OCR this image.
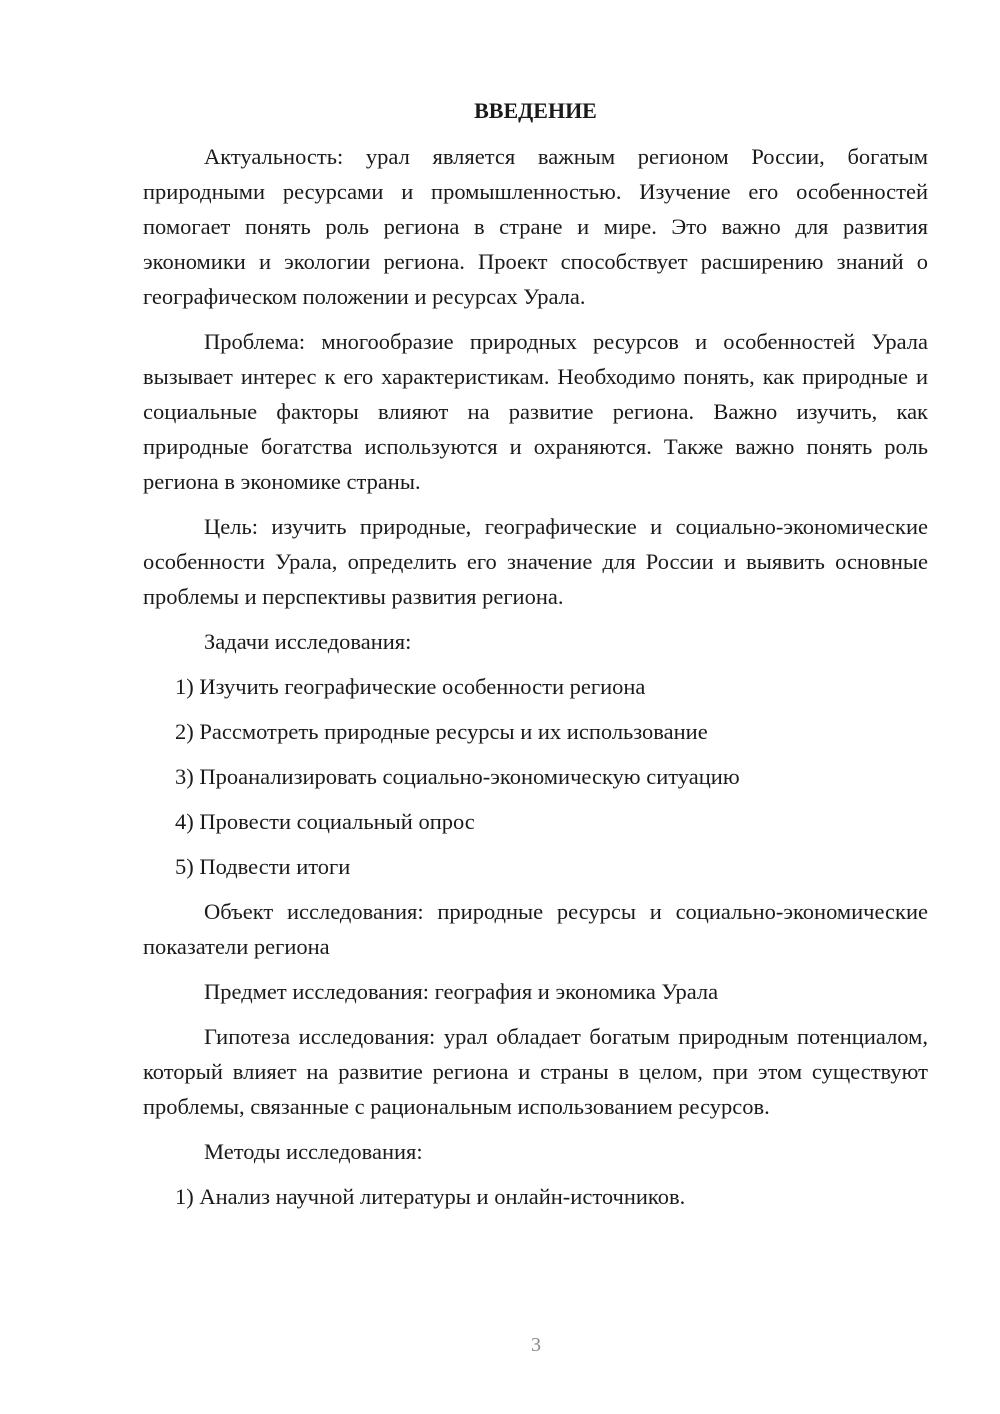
ВВЕДЕНИЕ

Актуальность: урал является важным регионом России, богатым природными ресурсами и промышленностью. Изучение его особенностей помогает понять роль региона в стране и мире. Это важно для развития экономики и экологии региона. Проект способствует расширению знаний о географическом положении и ресурсах Урала.

Проблема: многообразие природных ресурсов и особенностей Урала вызывает интерес к его характеристикам. Необходимо понять, как природные и социальные факторы влияют на развитие региона. Важно изучить, как природные богатства используются и охраняются. Также важно понять роль региона в экономике страны.

Цель: изучить природные, географические и социально-экономические особенности Урала, определить его значение для России и выявить основные проблемы и перспективы развития региона.

Задачи исследования:

1) Изучить географические особенности региона
2) Рассмотреть природные ресурсы и их использование
3) Проанализировать социально-экономическую ситуацию
4) Провести социальный опрос
5) Подвести итоги

Объект исследования: природные ресурсы и социально-экономические показатели региона

Предмет исследования: география и экономика Урала

Гипотеза исследования: урал обладает богатым природным потенциалом, который влияет на развитие региона и страны в целом, при этом существуют проблемы, связанные с рациональным использованием ресурсов.

Методы исследования:

1) Анализ научной литературы и онлайн-источников.
3
